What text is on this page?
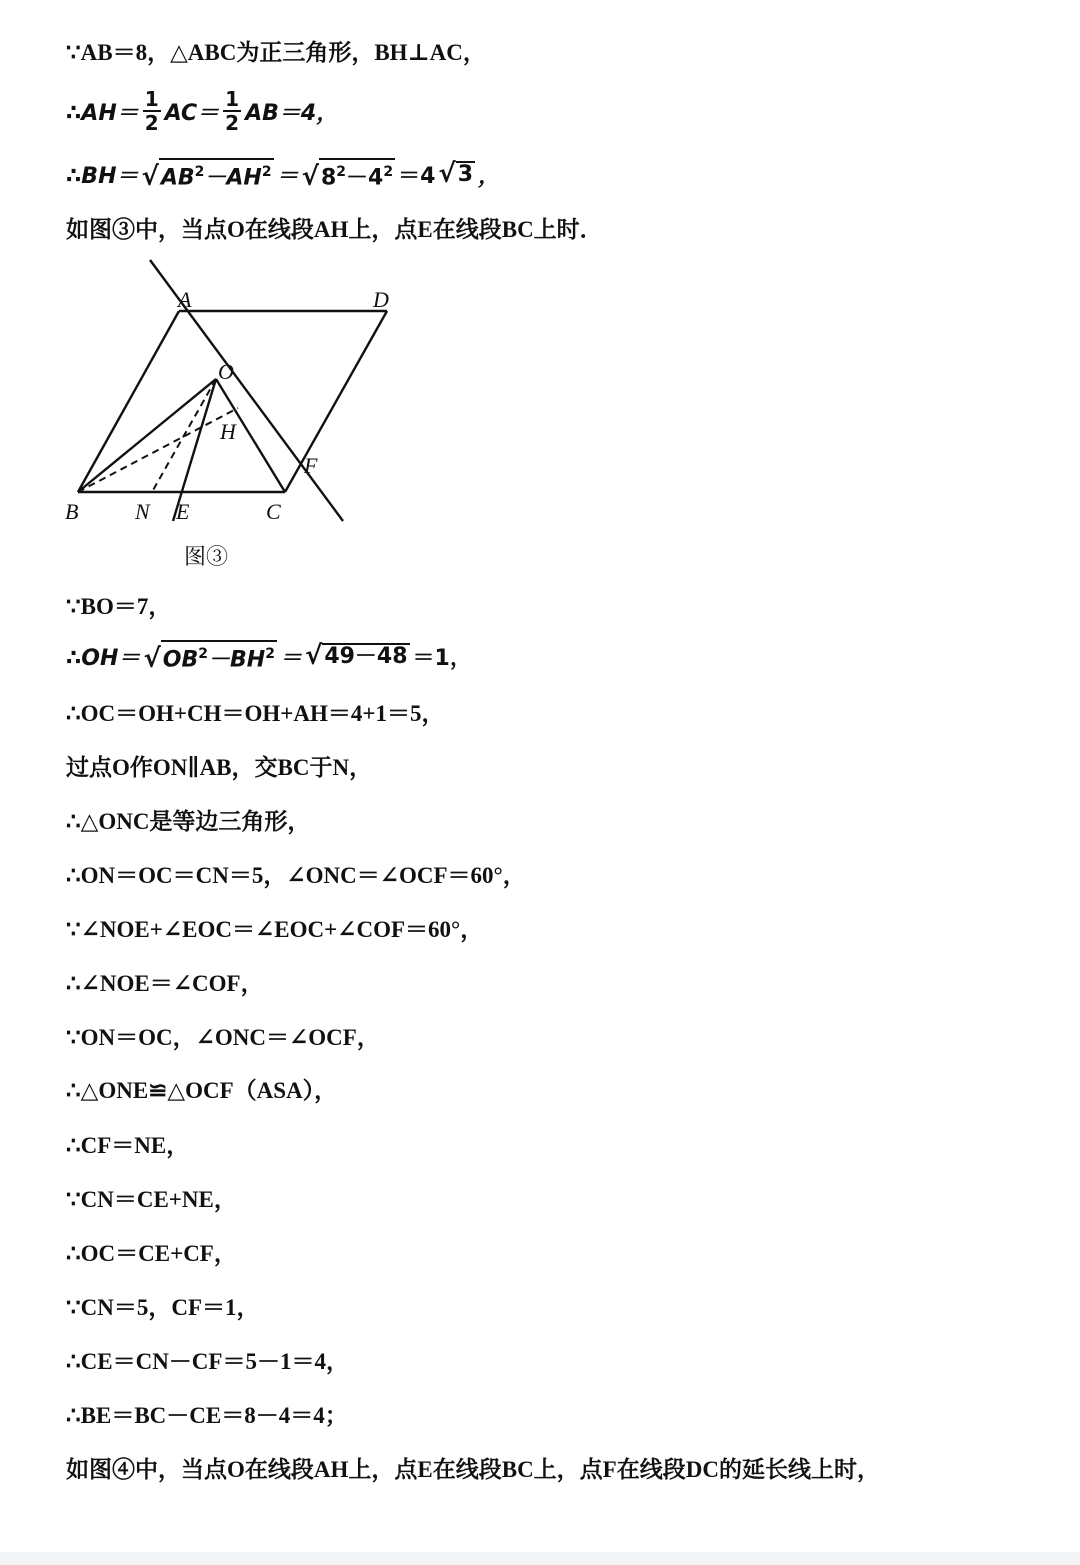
∵AB＝8，△ABC为正三角形，BH⊥AC，
∴AH＝ $\frac{1}{2} AC= \frac{1}{2} AB=4$，
∴BH＝ √ $AB^2-AH^2$ ＝ √ $8^2-4^2 =4$ √ 3 ，
如图③中，当点O在线段AH上，点E在线段BC上时．
A	D
O
H
F
B	N E	C
图③
∵BO＝7，
∴OH＝ √ $OB^2-BH^2$ ＝ √ 49－48 ＝1，
∴OC＝OH+CH＝OH+AH＝4+1＝5，
过点O作ON∥AB，交BC于N，
∴△ONC是等边三角形，
∴ON＝OC＝CN＝5，∠ONC＝∠OCF＝60°，
∵∠NOE+∠EOC＝∠EOC+∠COF＝60°，
∴∠NOE＝∠COF，
∵ON＝OC，∠ONC＝∠OCF，
∴△ONE≌△OCF（ASA），
∴CF＝NE，
∵CN＝CE+NE，
∴OC＝CE+CF，
∵CN＝5，CF＝1，
∴CE＝CN－CF＝5－1＝4，
∴BE＝BC－CE＝8－4＝4；
如图④中，当点O在线段AH上，点E在线段BC上，点F在线段DC的延长线上时，
